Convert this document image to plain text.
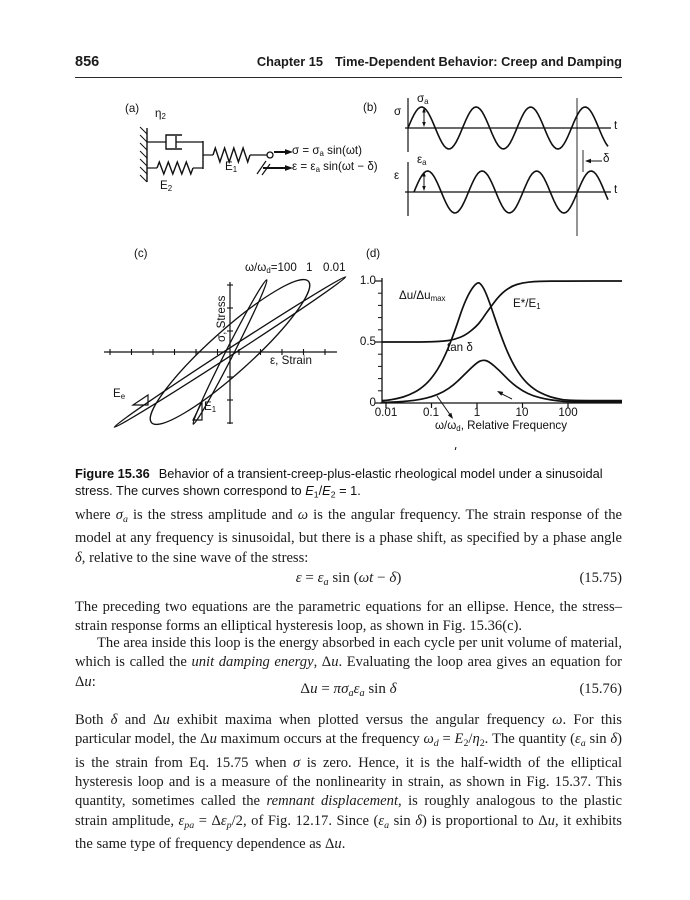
856	Chapter 15 Time-Dependent Behavior: Creep and Damping
(a)	(b)
(c)	(d)
$\eta_2$
$E_2$
$E_1$
$\sigma = \sigma_a$ sin(ωt)
$\varepsilon = \varepsilon_a$ sin(ωt − δ)
σ
$\sigma_a$
t
ε
$\varepsilon_a$
t
δ
$\omega/\omega_d=100$ 1 0.01
σ, Stress
ε, Strain
$E_e$
$E_1$
1.0
0.5
0
0.01 0.1	1	10	100
$\omega/\omega_d$, Relative Frequency
$\Delta u/\Delta u_{max}$	$E*/E_1$
tan δ

Figure 15.36 Behavior of a transient-creep-plus-elastic rheological model under a sinusoidal stress. The curves shown correspond to $E_1/E_2 = 1$.

where $\sigma_a$ is the stress amplitude and ω is the angular frequency. The strain response of the model at any frequency is sinusoidal, but there is a phase shift, as specified by a phase angle δ, relative to the sine wave of the stress:

$\varepsilon = \varepsilon_a$ sin (ωt − δ)	(15.75)

The preceding two equations are the parametric equations for an ellipse. Hence, the stress–strain response forms an elliptical hysteresis loop, as shown in Fig. 15.36(c).

The area inside this loop is the energy absorbed in each cycle per unit volume of material, which is called the unit damping energy, Δu. Evaluating the loop area gives an equation for Δu:	$\Delta u = \pi\sigma_a\varepsilon_a$ sin δ	(15.76)

Both δ and Δu exhibit maxima when plotted versus the angular frequency ω. For this particular model, the Δu maximum occurs at the frequency $\omega_d = E_2/\eta_2$. The quantity ($\varepsilon_a$ sin δ) is the strain from Eq. 15.75 when σ is zero. Hence, it is the half-width of the elliptical hysteresis loop and is a measure of the nonlinearity in strain, as shown in Fig. 15.37. This quantity, sometimes called the remnant displacement, is roughly analogous to the plastic strain amplitude, $\varepsilon_{pa} = \Delta\varepsilon_p/2$, of Fig. 12.17. Since ($\varepsilon_a$ sin δ) is proportional to Δu, it exhibits the same type of frequency dependence as Δu.
